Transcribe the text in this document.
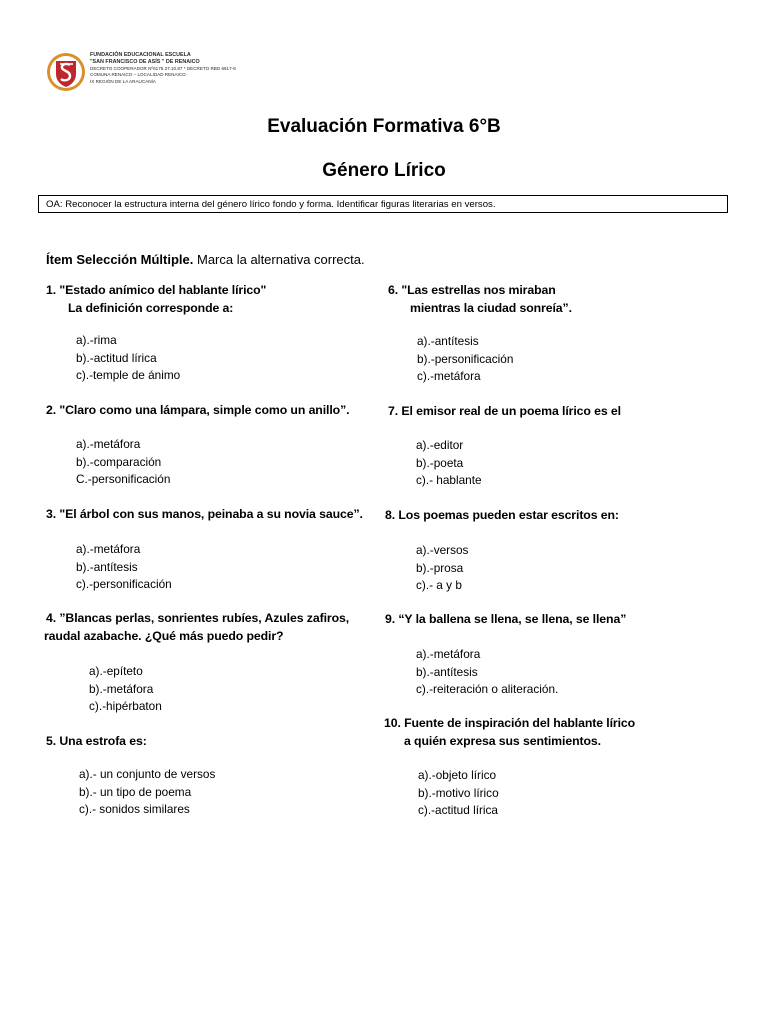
FUNDACIÓN EDUCACIONAL ESCUELA
"SAN FRANCISCO DE ASÍS " DE RENAICO
DECRETO COOPERADOR Nº6175 27.10.87 * DECRETO RBD 6617-8
COMUNA RENAICO – LOCALIDAD RENAICO
IX REGIÓN DE LA ARAUCANÍA
Evaluación Formativa 6°B
Género Lírico
OA: Reconocer la estructura interna del género lírico fondo y forma. Identificar figuras literarias en versos.
Ítem Selección Múltiple. Marca la alternativa correcta.
1. "Estado anímico del hablante lírico"
La definición corresponde a:
a).-rima
b).-actitud lírica
c).-temple de ánimo
2. "Claro como una lámpara, simple como un anillo”.
a).-metáfora
b).-comparación
C.-personificación
3. "El árbol con sus manos, peinaba a su novia sauce”.
a).-metáfora
b).-antítesis
c).-personificación
4. ”Blancas perlas, sonrientes rubíes, Azules zafiros,
raudal azabache. ¿Qué más puedo pedir?
a).-epíteto
b).-metáfora
c).-hipérbaton
5. Una estrofa es:
a).- un conjunto de versos
b).- un tipo de poema
c).- sonidos similares
6. "Las estrellas nos miraban
mientras la ciudad sonreía”.
a).-antítesis
b).-personificación
c).-metáfora
7. El emisor real de un poema lírico es el
a).-editor
b).-poeta
c).- hablante
8. Los poemas pueden estar escritos en:
a).-versos
b).-prosa
c).- a y b
9. “Y la ballena se llena, se llena, se llena”
a).-metáfora
b).-antítesis
c).-reiteración o aliteración.
10. Fuente de inspiración del hablante lírico
a quién expresa sus sentimientos.
a).-objeto lírico
b).-motivo lírico
c).-actitud lírica
